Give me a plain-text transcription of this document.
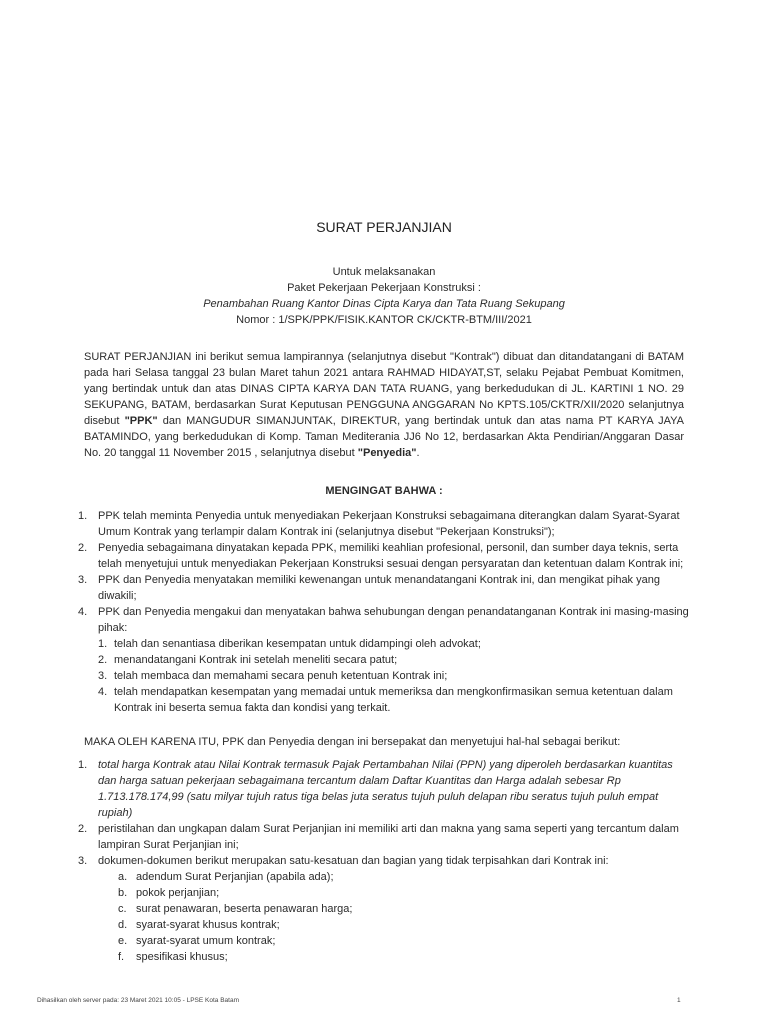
SURAT PERJANJIAN
Untuk melaksanakan
Paket Pekerjaan Pekerjaan Konstruksi :
Penambahan Ruang Kantor Dinas Cipta Karya dan Tata Ruang Sekupang
Nomor : 1/SPK/PPK/FISIK.KANTOR CK/CKTR-BTM/III/2021

SURAT PERJANJIAN ini berikut semua lampirannya (selanjutnya disebut "Kontrak") dibuat dan ditandatangani di BATAM pada hari Selasa tanggal 23 bulan Maret tahun 2021 antara RAHMAD HIDAYAT,ST, selaku Pejabat Pembuat Komitmen, yang bertindak untuk dan atas DINAS CIPTA KARYA DAN TATA RUANG, yang berkedudukan di JL. KARTINI 1 NO. 29 SEKUPANG, BATAM, berdasarkan Surat Keputusan PENGGUNA ANGGARAN No KPTS.105/CKTR/XII/2020 selanjutnya disebut "PPK" dan MANGUDUR SIMANJUNTAK, DIREKTUR, yang bertindak untuk dan atas nama PT KARYA JAYA BATAMINDO, yang berkedudukan di Komp. Taman Mediterania JJ6 No 12, berdasarkan Akta Pendirian/Anggaran Dasar No. 20 tanggal 11 November 2015 , selanjutnya disebut "Penyedia".

MENGINGAT BAHWA :
1. PPK telah meminta Penyedia untuk menyediakan Pekerjaan Konstruksi sebagaimana diterangkan dalam Syarat-Syarat Umum Kontrak yang terlampir dalam Kontrak ini (selanjutnya disebut "Pekerjaan Konstruksi");
2. Penyedia sebagaimana dinyatakan kepada PPK, memiliki keahlian profesional, personil, dan sumber daya teknis, serta telah menyetujui untuk menyediakan Pekerjaan Konstruksi sesuai dengan persyaratan dan ketentuan dalam Kontrak ini;
3. PPK dan Penyedia menyatakan memiliki kewenangan untuk menandatangani Kontrak ini, dan mengikat pihak yang diwakili;
4. PPK dan Penyedia mengakui dan menyatakan bahwa sehubungan dengan penandatanganan Kontrak ini masing-masing pihak:
1. telah dan senantiasa diberikan kesempatan untuk didampingi oleh advokat;
2. menandatangani Kontrak ini setelah meneliti secara patut;
3. telah membaca dan memahami secara penuh ketentuan Kontrak ini;
4. telah mendapatkan kesempatan yang memadai untuk memeriksa dan mengkonfirmasikan semua ketentuan dalam Kontrak ini beserta semua fakta dan kondisi yang terkait.
MAKA OLEH KARENA ITU, PPK dan Penyedia dengan ini bersepakat dan menyetujui hal-hal sebagai berikut:
1. total harga Kontrak atau Nilai Kontrak termasuk Pajak Pertambahan Nilai (PPN) yang diperoleh berdasarkan kuantitas dan harga satuan pekerjaan sebagaimana tercantum dalam Daftar Kuantitas dan Harga adalah sebesar Rp 1.713.178.174,99 (satu milyar tujuh ratus tiga belas juta seratus tujuh puluh delapan ribu seratus tujuh puluh empat rupiah)
2. peristilahan dan ungkapan dalam Surat Perjanjian ini memiliki arti dan makna yang sama seperti yang tercantum dalam lampiran Surat Perjanjian ini;
3. dokumen-dokumen berikut merupakan satu-kesatuan dan bagian yang tidak terpisahkan dari Kontrak ini:
a. adendum Surat Perjanjian (apabila ada);
b. pokok perjanjian;
c. surat penawaran, beserta penawaran harga;
d. syarat-syarat khusus kontrak;
e. syarat-syarat umum kontrak;
f. spesifikasi khusus;
Dihasilkan oleh server pada: 23 Maret 2021 10:05 - LPSE Kota Batam	1
